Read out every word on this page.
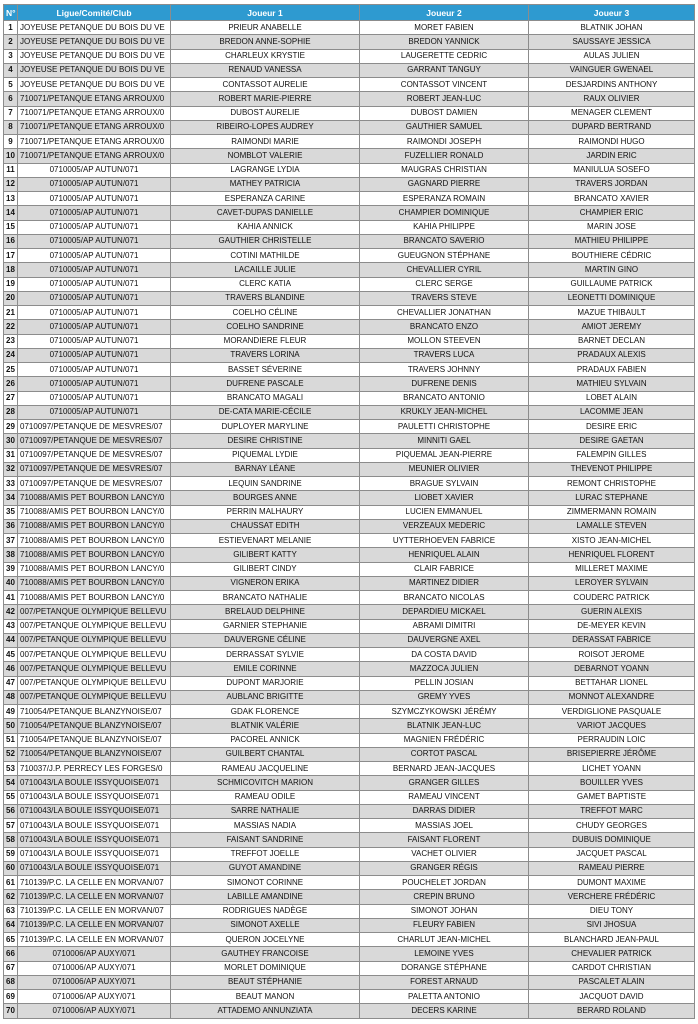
N°	Ligue/Comité/Club	Joueur 1	Joueur 2	Joueur 3
1	JOYEUSE PETANQUE DU BOIS DU VE	PRIEUR ANABELLE	MORET FABIEN	BLATNIK JOHAN
2	JOYEUSE PETANQUE DU BOIS DU VE	BREDON ANNE-SOPHIE	BREDON YANNICK	SAUSSAYE JESSICA
3	JOYEUSE PETANQUE DU BOIS DU VE	CHARLEUX KRYSTIE	LAUGERETTE CEDRIC	AULAS JULIEN
4	JOYEUSE PETANQUE DU BOIS DU VE	RENAUD VANESSA	GARRANT TANGUY	VAINGUER GWENAEL
5	JOYEUSE PETANQUE DU BOIS DU VE	CONTASSOT AURELIE	CONTASSOT VINCENT	DESJARDINS ANTHONY
6	710071/PETANQUE ETANG ARROUX/0	ROBERT MARIE-PIERRE	ROBERT JEAN-LUC	RAUX OLIVIER
7	710071/PETANQUE ETANG ARROUX/0	DUBOST AURELIE	DUBOST DAMIEN	MENAGER CLEMENT
8	710071/PETANQUE ETANG ARROUX/0	RIBEIRO-LOPES AUDREY	GAUTHIER SAMUEL	DUPARD BERTRAND
9	710071/PETANQUE ETANG ARROUX/0	RAIMONDI MARIE	RAIMONDI JOSEPH	RAIMONDI HUGO
10	710071/PETANQUE ETANG ARROUX/0	NOMBLOT VALERIE	FUZELLIER RONALD	JARDIN ERIC
11	0710005/AP AUTUN/071	LAGRANGE LYDIA	MAUGRAS CHRISTIAN	MANIULUA SOSEFO
12	0710005/AP AUTUN/071	MATHEY PATRICIA	GAGNARD PIERRE	TRAVERS JORDAN
13	0710005/AP AUTUN/071	ESPERANZA CARINE	ESPERANZA ROMAIN	BRANCATO XAVIER
14	0710005/AP AUTUN/071	CAVET-DUPAS DANIELLE	CHAMPIER DOMINIQUE	CHAMPIER ERIC
15	0710005/AP AUTUN/071	KAHIA ANNICK	KAHIA PHILIPPE	MARIN JOSE
16	0710005/AP AUTUN/071	GAUTHIER CHRISTELLE	BRANCATO SAVERIO	MATHIEU PHILIPPE
17	0710005/AP AUTUN/071	COTINI MATHILDE	GUEUGNON STÉPHANE	BOUTHIERE CÉDRIC
18	0710005/AP AUTUN/071	LACAILLE JULIE	CHEVALLIER CYRIL	MARTIN GINO
19	0710005/AP AUTUN/071	CLERC KATIA	CLERC SERGE	GUILLAUME PATRICK
20	0710005/AP AUTUN/071	TRAVERS BLANDINE	TRAVERS STEVE	LEONETTI DOMINIQUE
21	0710005/AP AUTUN/071	COELHO CÉLINE	CHEVALLIER JONATHAN	MAZUE THIBAULT
22	0710005/AP AUTUN/071	COELHO SANDRINE	BRANCATO ENZO	AMIOT JEREMY
23	0710005/AP AUTUN/071	MORANDIERE FLEUR	MOLLON STEEVEN	BARNET DECLAN
24	0710005/AP AUTUN/071	TRAVERS LORINA	TRAVERS LUCA	PRADAUX ALEXIS
25	0710005/AP AUTUN/071	BASSET SÉVERINE	TRAVERS JOHNNY	PRADAUX FABIEN
26	0710005/AP AUTUN/071	DUFRENE PASCALE	DUFRENE DENIS	MATHIEU SYLVAIN
27	0710005/AP AUTUN/071	BRANCATO MAGALI	BRANCATO ANTONIO	LOBET ALAIN
28	0710005/AP AUTUN/071	DE-CATA MARIE-CÉCILE	KRUKLY JEAN-MICHEL	LACOMME JEAN
29	0710097/PETANQUE DE MESVRES/07	DUPLOYER MARYLINE	PAULETTI CHRISTOPHE	DESIRE ERIC
30	0710097/PETANQUE DE MESVRES/07	DESIRE CHRISTINE	MINNITI GAEL	DESIRE GAETAN
31	0710097/PETANQUE DE MESVRES/07	PIQUEMAL LYDIE	PIQUEMAL JEAN-PIERRE	FALEMPIN GILLES
32	0710097/PETANQUE DE MESVRES/07	BARNAY LÉANE	MEUNIER OLIVIER	THEVENOT PHILIPPE
33	0710097/PETANQUE DE MESVRES/07	LEQUIN SANDRINE	BRAGUE SYLVAIN	REMONT CHRISTOPHE
34	710088/AMIS PET BOURBON LANCY/0	BOURGES ANNE	LIOBET XAVIER	LURAC STEPHANE
35	710088/AMIS PET BOURBON LANCY/0	PERRIN MALHAURY	LUCIEN EMMANUEL	ZIMMERMANN ROMAIN
36	710088/AMIS PET BOURBON LANCY/0	CHAUSSAT EDITH	VERZEAUX MEDERIC	LAMALLE STEVEN
37	710088/AMIS PET BOURBON LANCY/0	ESTIEVENART MELANIE	UYTTERHOEVEN FABRICE	XISTO JEAN-MICHEL
38	710088/AMIS PET BOURBON LANCY/0	GILIBERT KATTY	HENRIQUEL ALAIN	HENRIQUEL FLORENT
39	710088/AMIS PET BOURBON LANCY/0	GILIBERT CINDY	CLAIR FABRICE	MILLERET MAXIME
40	710088/AMIS PET BOURBON LANCY/0	VIGNERON ERIKA	MARTINEZ DIDIER	LEROYER SYLVAIN
41	710088/AMIS PET BOURBON LANCY/0	BRANCATO NATHALIE	BRANCATO NICOLAS	COUDERC PATRICK
42	007/PETANQUE OLYMPIQUE BELLEVU	BRELAUD DELPHINE	DEPARDIEU MICKAEL	GUERIN ALEXIS
43	007/PETANQUE OLYMPIQUE BELLEVU	GARNIER STEPHANIE	ABRAMI DIMITRI	DE-MEYER KEVIN
44	007/PETANQUE OLYMPIQUE BELLEVU	DAUVERGNE CÉLINE	DAUVERGNE AXEL	DERASSAT FABRICE
45	007/PETANQUE OLYMPIQUE BELLEVU	DERRASSAT SYLVIE	DA COSTA DAVID	ROISOT JEROME
46	007/PETANQUE OLYMPIQUE BELLEVU	EMILE CORINNE	MAZZOCA JULIEN	DEBARNOT YOANN
47	007/PETANQUE OLYMPIQUE BELLEVU	DUPONT MARJORIE	PELLIN JOSIAN	BETTAHAR LIONEL
48	007/PETANQUE OLYMPIQUE BELLEVU	AUBLANC BRIGITTE	GREMY YVES	MONNOT ALEXANDRE
49	710054/PETANQUE BLANZYNOISE/07	GDAK FLORENCE	SZYMCZYKOWSKI JÉRÉMY	VERDIGLIONE PASQUALE
50	710054/PETANQUE BLANZYNOISE/07	BLATNIK VALÉRIE	BLATNIK JEAN-LUC	VARIOT JACQUES
51	710054/PETANQUE BLANZYNOISE/07	PACOREL ANNICK	MAGNIEN FRÉDÉRIC	PERRAUDIN LOIC
52	710054/PETANQUE BLANZYNOISE/07	GUILBERT CHANTAL	CORTOT PASCAL	BRISEPIERRE JÉRÔME
53	710037/J.P. PERRECY LES FORGES/0	RAMEAU JACQUELINE	BERNARD JEAN-JACQUES	LICHET YOANN
54	0710043/LA BOULE ISSYQUOISE/071	SCHMICOVITCH MARION	GRANGER GILLES	BOUILLER YVES
55	0710043/LA BOULE ISSYQUOISE/071	RAMEAU ODILE	RAMEAU VINCENT	GAMET BAPTISTE
56	0710043/LA BOULE ISSYQUOISE/071	SARRE NATHALIE	DARRAS DIDIER	TREFFOT MARC
57	0710043/LA BOULE ISSYQUOISE/071	MASSIAS NADIA	MASSIAS JOEL	CHUDY GEORGES
58	0710043/LA BOULE ISSYQUOISE/071	FAISANT SANDRINE	FAISANT FLORENT	DUBUIS DOMINIQUE
59	0710043/LA BOULE ISSYQUOISE/071	TREFFOT JOELLE	VACHET OLIVIER	JACQUET PASCAL
60	0710043/LA BOULE ISSYQUOISE/071	GUYOT AMANDINE	GRANGER RÉGIS	RAMEAU PIERRE
61	710139/P.C. LA CELLE EN MORVAN/07	SIMONOT CORINNE	POUCHELET JORDAN	DUMONT MAXIME
62	710139/P.C. LA CELLE EN MORVAN/07	LABILLE AMANDINE	CREPIN BRUNO	VERCHERE FRÉDÉRIC
63	710139/P.C. LA CELLE EN MORVAN/07	RODRIGUES NADÈGE	SIMONOT JOHAN	DIEU TONY
64	710139/P.C. LA CELLE EN MORVAN/07	SIMONOT AXELLE	FLEURY FABIEN	SIVI JHOSUA
65	710139/P.C. LA CELLE EN MORVAN/07	QUERON JOCELYNE	CHARLUT JEAN-MICHEL	BLANCHARD JEAN-PAUL
66	0710006/AP AUXY/071	GAUTHEY FRANCOISE	LEMOINE YVES	CHEVALIER PATRICK
67	0710006/AP AUXY/071	MORLET DOMINIQUE	DORANGE STÉPHANE	CARDOT CHRISTIAN
68	0710006/AP AUXY/071	BEAUT STÉPHANIE	FOREST ARNAUD	PASCALET ALAIN
69	0710006/AP AUXY/071	BEAUT MANON	PALETTA ANTONIO	JACQUOT DAVID
70	0710006/AP AUXY/071	ATTADEMO ANNUNZIATA	DECERS KARINE	BERARD ROLAND
